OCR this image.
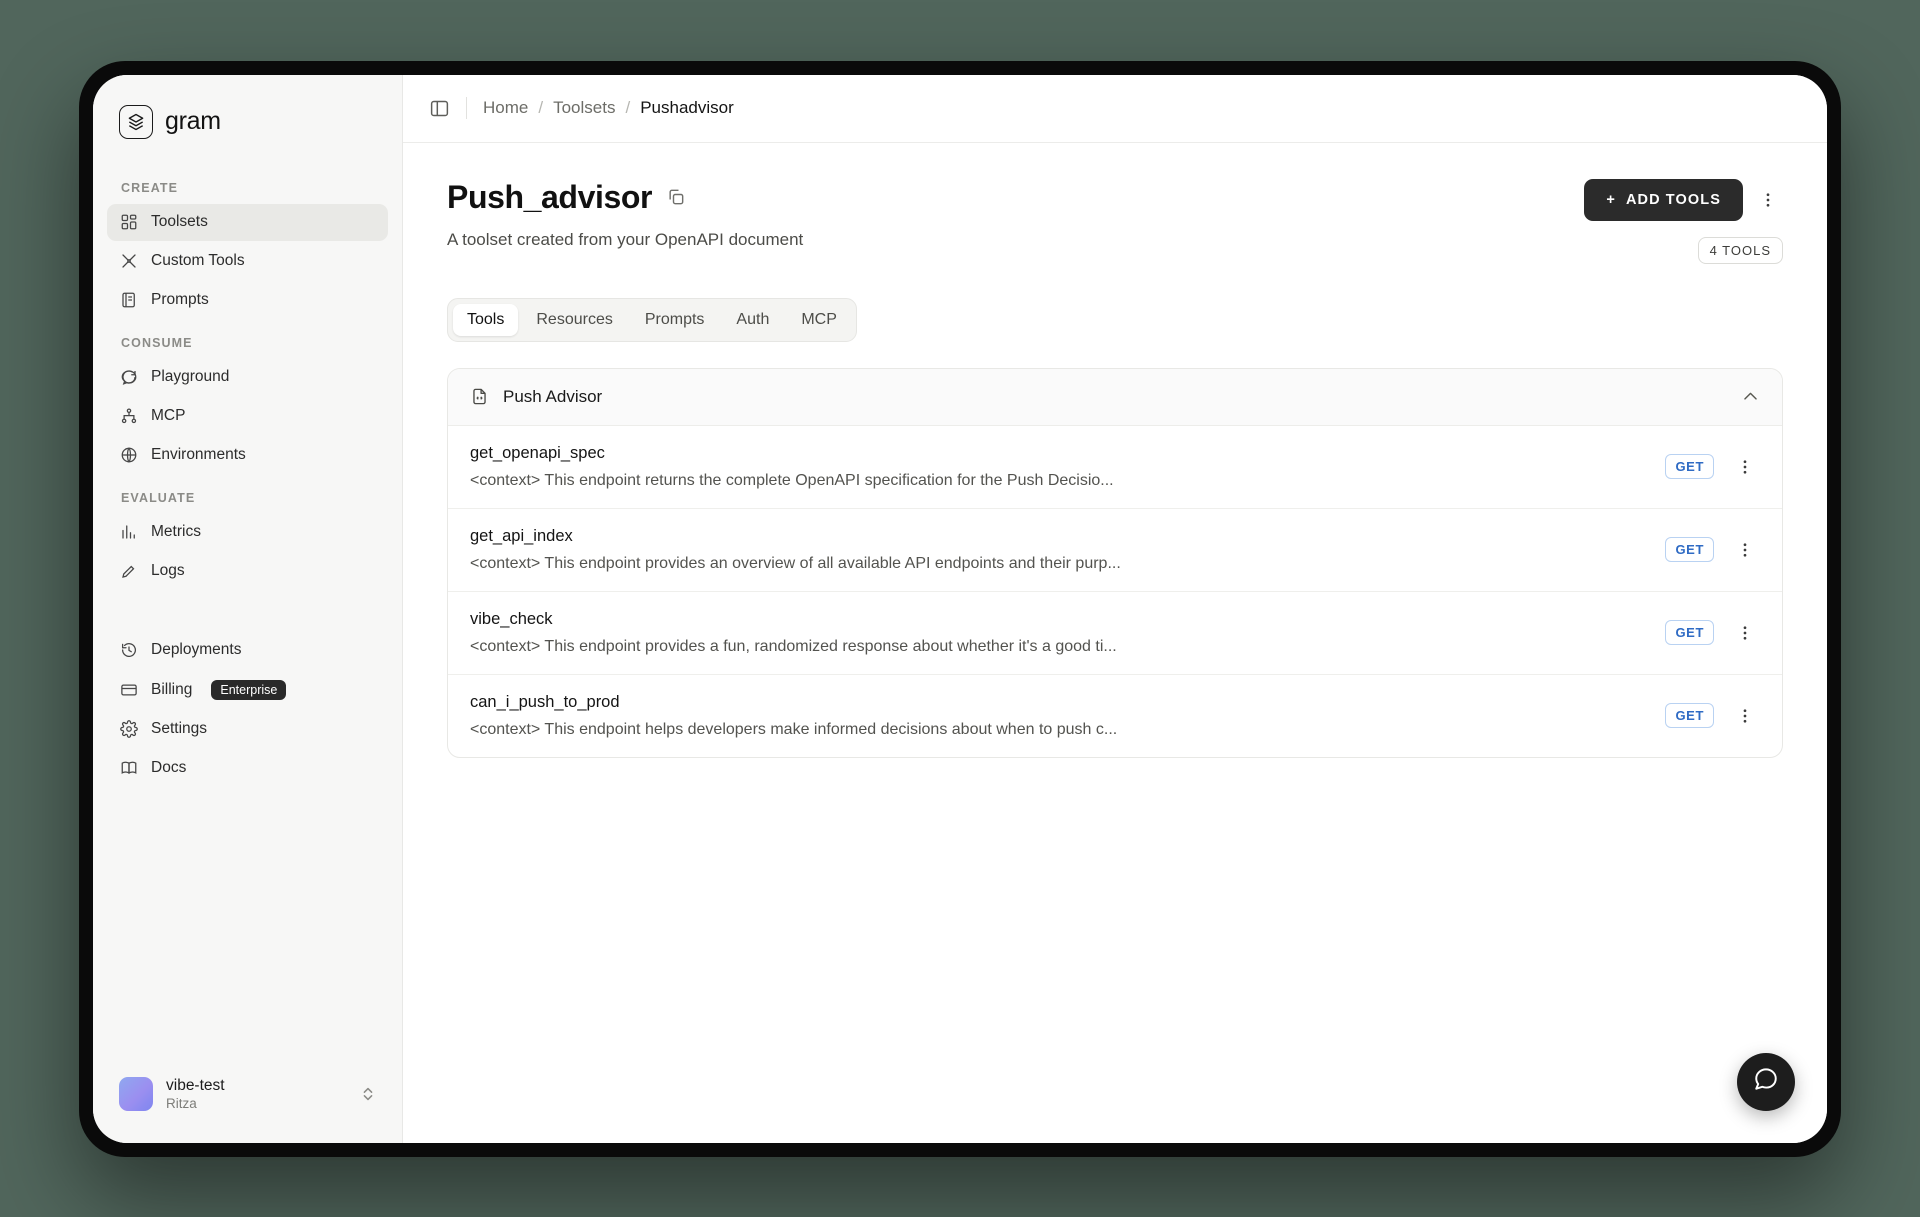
gram
CREATE
Toolsets
Custom Tools
Prompts
CONSUME
Playground
MCP
Environments
EVALUATE
Metrics
Logs
Deployments
Billing	Enterprise
Settings
Docs
vibe-test
Ritza
Home / Toolsets / Pushadvisor
Push_advisor

A toolset created from your OpenAPI document

+ ADD TOOLS
4 TOOLS
Tools	Resources	Prompts	Auth	MCP
Push Advisor
get_openapi_spec
<context> This endpoint returns the complete OpenAPI specification for the Push Decisio...
GET
get_api_index
<context> This endpoint provides an overview of all available API endpoints and their purp...
GET
vibe_check
<context> This endpoint provides a fun, randomized response about whether it's a good ti...
GET
can_i_push_to_prod
<context> This endpoint helps developers make informed decisions about when to push c...
GET
